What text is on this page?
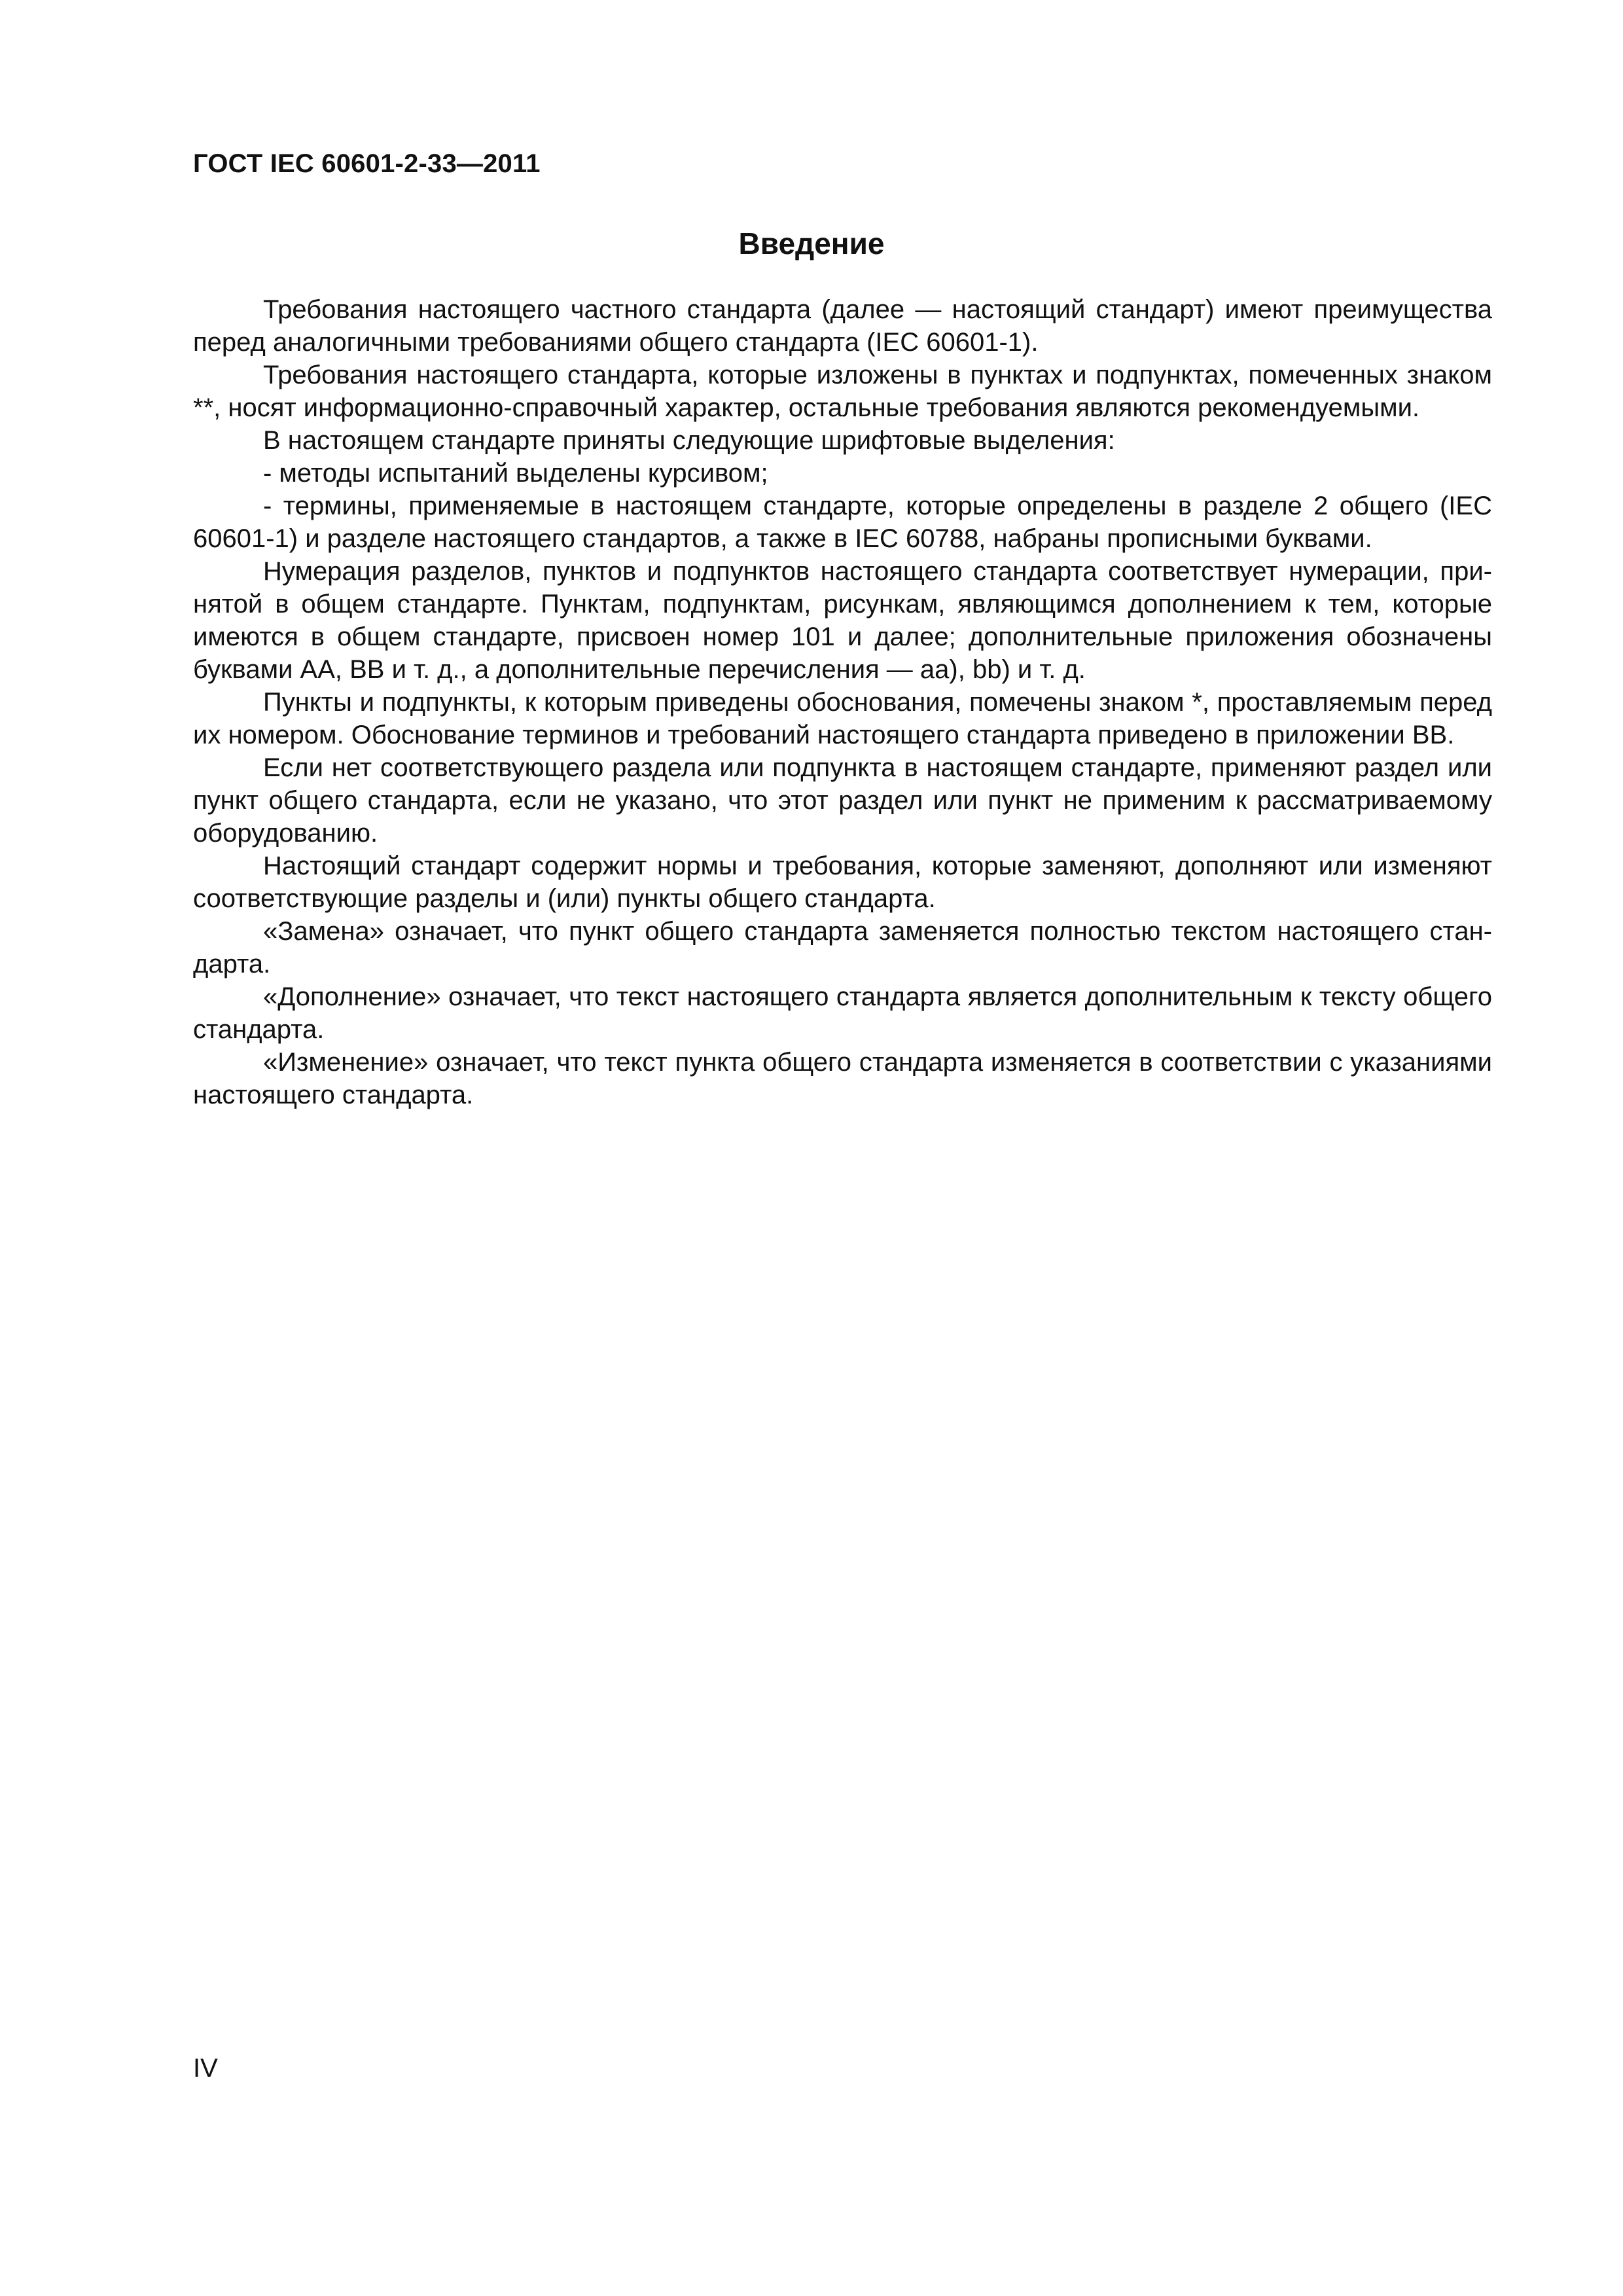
ГОСТ IEC 60601-2-33—2011
Введение

Требования настоящего частного стандарта (далее — настоящий стандарт) имеют преимущества перед аналогичными требованиями общего стандарта (IEC 60601-1).

Требования настоящего стандарта, которые изложены в пунктах и подпунктах, помеченных знаком **, носят информационно-справочный характер, остальные требования являются рекомендуемыми.

В настоящем стандарте приняты следующие шрифтовые выделения:

- методы испытаний выделены курсивом;

- термины, применяемые в настоящем стандарте, которые определены в разделе 2 общего (IEC 60601-1) и разделе настоящего стандартов, а также в IEC 60788, набраны прописными буквами.

Нумерация разделов, пунктов и подпунктов настоящего стандарта соответствует нумерации, принятой в общем стандарте. Пунктам, подпунктам, рисункам, являющимся дополнением к тем, которые имеются в общем стандарте, присвоен номер 101 и далее; дополнительные приложения обозначены буквами AA, BB и т. д., а дополнительные перечисления — aa), bb) и т. д.

Пункты и подпункты, к которым приведены обоснования, помечены знаком *, проставляемым перед их номером. Обоснование терминов и требований настоящего стандарта приведено в приложении BB.

Если нет соответствующего раздела или подпункта в настоящем стандарте, применяют раздел или пункт общего стандарта, если не указано, что этот раздел или пункт не применим к рассматриваемому оборудованию.

Настоящий стандарт содержит нормы и требования, которые заменяют, дополняют или изменяют соответствующие разделы и (или) пункты общего стандарта.

«Замена» означает, что пункт общего стандарта заменяется полностью текстом настоящего стандарта.

«Дополнение» означает, что текст настоящего стандарта является дополнительным к тексту общего стандарта.

«Изменение» означает, что текст пункта общего стандарта изменяется в соответствии с указаниями настоящего стандарта.

IV
